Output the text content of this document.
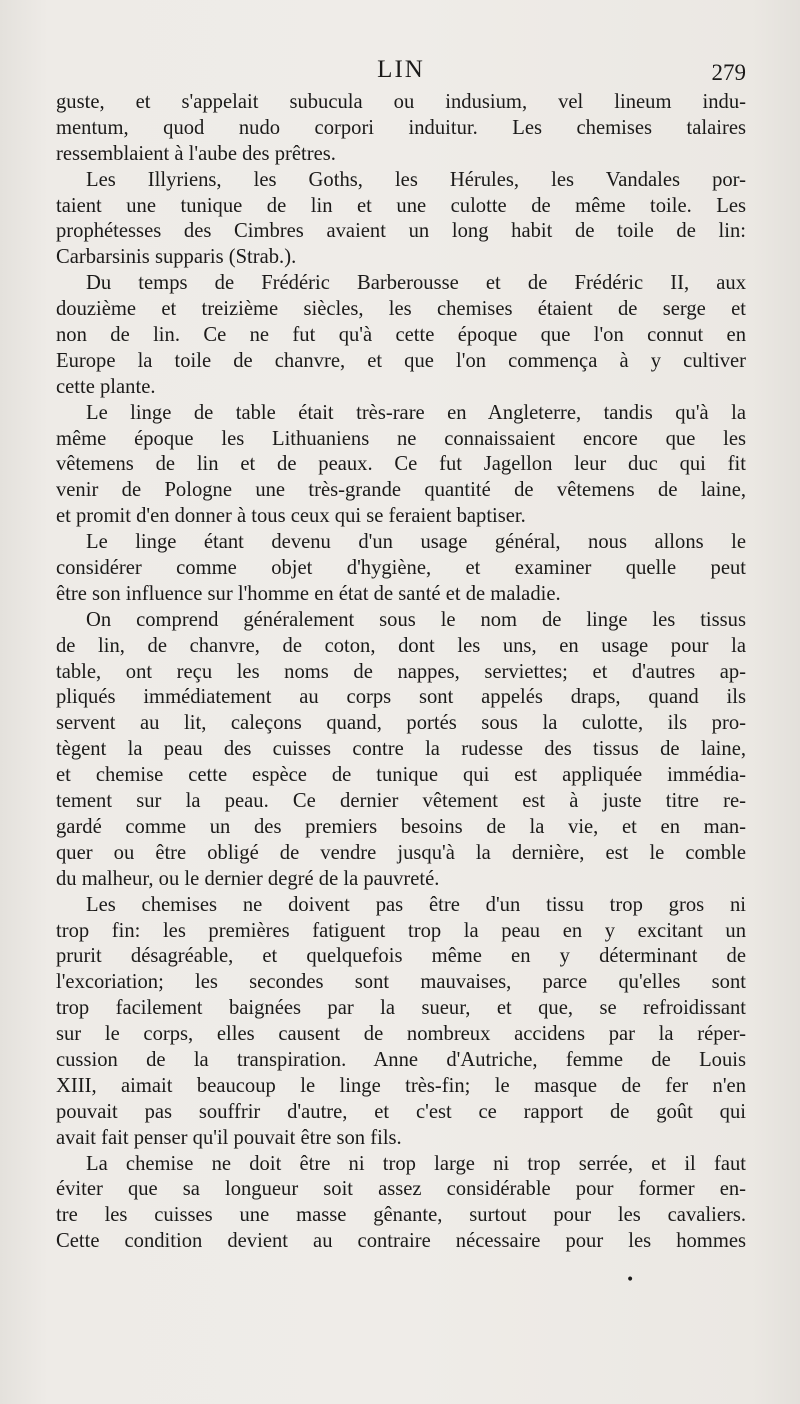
LIN	279
guste, et s'appelait subucula ou indusium, vel lineum indu-
mentum, quod nudo corpori induitur. Les chemises talaires
ressemblaient à l'aube des prêtres.
Les Illyriens, les Goths, les Hérules, les Vandales por-
taient une tunique de lin et une culotte de même toile. Les
prophétesses des Cimbres avaient un long habit de toile de lin:
Carbarsinis supparis (Strab.).
Du temps de Frédéric Barberousse et de Frédéric II, aux
douzième et treizième siècles, les chemises étaient de serge et
non de lin. Ce ne fut qu'à cette époque que l'on connut en
Europe la toile de chanvre, et que l'on commença à y cultiver
cette plante.
Le linge de table était très-rare en Angleterre, tandis qu'à la
même époque les Lithuaniens ne connaissaient encore que les
vêtemens de lin et de peaux. Ce fut Jagellon leur duc qui fit
venir de Pologne une très-grande quantité de vêtemens de laine,
et promit d'en donner à tous ceux qui se feraient baptiser.
Le linge étant devenu d'un usage général, nous allons le
considérer comme objet d'hygiène, et examiner quelle peut
être son influence sur l'homme en état de santé et de maladie.
On comprend généralement sous le nom de linge les tissus
de lin, de chanvre, de coton, dont les uns, en usage pour la
table, ont reçu les noms de nappes, serviettes; et d'autres ap-
pliqués immédiatement au corps sont appelés draps, quand ils
servent au lit, caleçons quand, portés sous la culotte, ils pro-
tègent la peau des cuisses contre la rudesse des tissus de laine,
et chemise cette espèce de tunique qui est appliquée immédia-
tement sur la peau. Ce dernier vêtement est à juste titre re-
gardé comme un des premiers besoins de la vie, et en man-
quer ou être obligé de vendre jusqu'à la dernière, est le comble
du malheur, ou le dernier degré de la pauvreté.
Les chemises ne doivent pas être d'un tissu trop gros ni
trop fin: les premières fatiguent trop la peau en y excitant un
prurit désagréable, et quelquefois même en y déterminant de
l'excoriation; les secondes sont mauvaises, parce qu'elles sont
trop facilement baignées par la sueur, et que, se refroidissant
sur le corps, elles causent de nombreux accidens par la réper-
cussion de la transpiration. Anne d'Autriche, femme de Louis
XIII, aimait beaucoup le linge très-fin; le masque de fer n'en
pouvait pas souffrir d'autre, et c'est ce rapport de goût qui
avait fait penser qu'il pouvait être son fils.
La chemise ne doit être ni trop large ni trop serrée, et il faut
éviter que sa longueur soit assez considérable pour former en-
tre les cuisses une masse gênante, surtout pour les cavaliers.
Cette condition devient au contraire nécessaire pour les hommes
•
